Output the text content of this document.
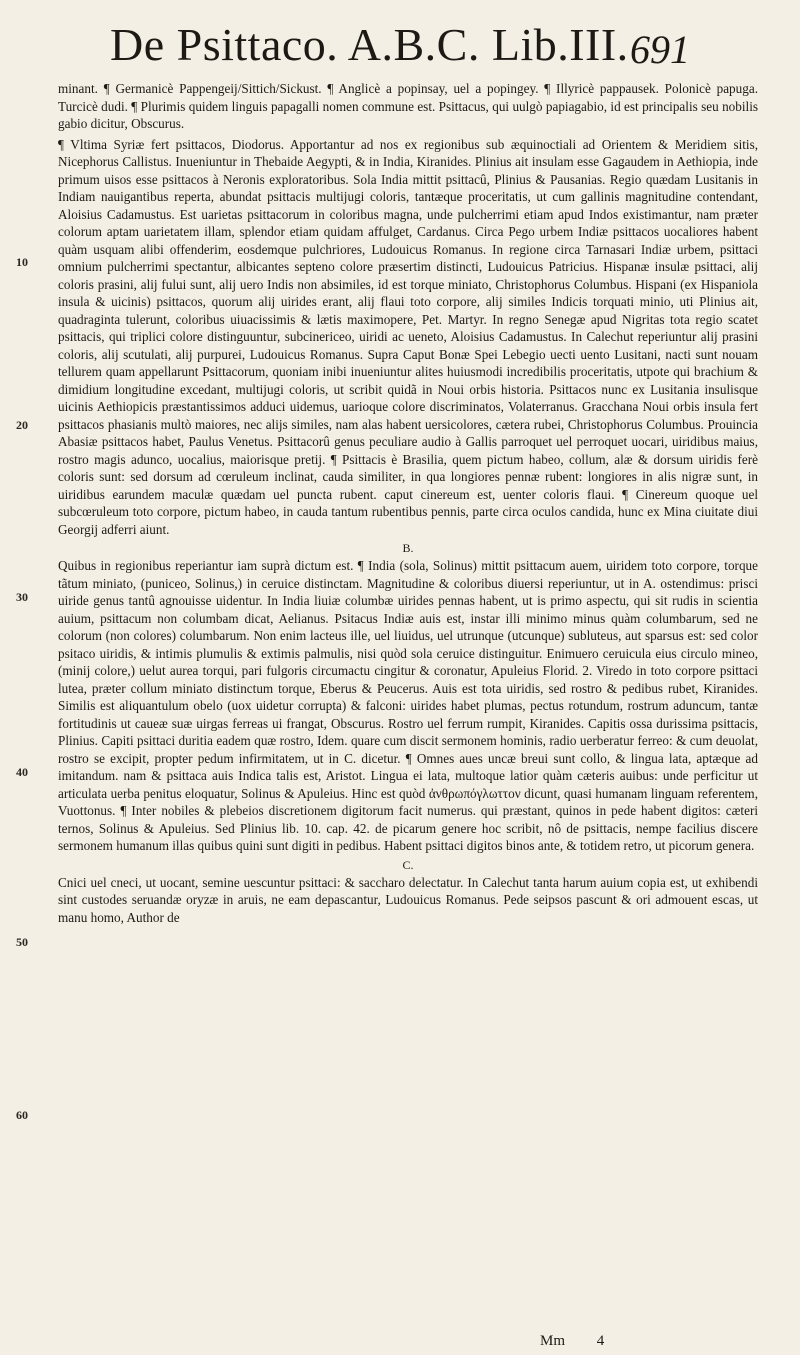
De Psittaco. A.B.C. Lib.III. 691
10
20
30
40
50
60

minant. ¶ Germanicè Pappengeij/Sittich/Sickust. ¶ Anglicè a popinsay, uel a popingey. ¶ Illyricè pappausek. Polonicè papuga. Turcicè dudi. ¶ Plurimis quidem linguis papagalli nomen commune est. Psittacus, qui uulgò papiagabio, id est principalis seu nobilis gabio dicitur, Obscurus.

¶ Vltima Syriæ fert psittacos, Diodorus. Apportantur ad nos ex regionibus sub æquinoctiali ad Orientem & Meridiem sitis, Nicephorus Callistus. Inueniuntur in Thebaide Aegypti, & in India, Kiranides. Plinius ait insulam esse Gagaudem in Aethiopia, inde primum uisos esse psittacos à Neronis exploratoribus. Sola India mittit psittacû, Plinius & Pausanias. Regio quædam Lusitanis in Indiam nauigantibus reperta, abundat psittacis multijugi coloris, tantæque proceritatis, ut cum gallinis magnitudine contendant, Aloisius Cadamustus. Est uarietas psittacorum in coloribus magna, unde pulcherrimi etiam apud Indos existimantur, nam præter colorum aptam uarietatem illam, splendor etiam quidam affulget, Cardanus. Circa Pego urbem Indiæ psittacos uocaliores habent quàm usquam alibi offenderim, eosdemque pulchriores, Ludouicus Romanus. In regione circa Tarnasari Indiæ urbem, psittaci omnium pulcherrimi spectantur, albicantes septeno colore præsertim distincti, Ludouicus Patricius. Hispanæ insulæ psittaci, alij coloris prasini, alij fului sunt, alij uero Indis non absimiles, id est torque miniato, Christophorus Columbus. Hispani (ex Hispaniola insula & uicinis) psittacos, quorum alij uirides erant, alij flaui toto corpore, alij similes Indicis torquati minio, uti Plinius ait, quadraginta tulerunt, coloribus uiuacissimis & lætis maximopere, Pet. Martyr. In regno Senegæ apud Nigritas tota regio scatet psittacis, qui triplici colore distinguuntur, subcinericeo, uiridi ac ueneto, Aloisius Cadamustus. In Calechut reperiuntur alij prasini coloris, alij scutulati, alij purpurei, Ludouicus Romanus. Supra Caput Bonæ Spei Lebegio uecti uento Lusitani, nacti sunt nouam tellurem quam appellarunt Psittacorum, quoniam inibi inueniuntur alites huiusmodi incredibilis proceritatis, utpote qui brachium & dimidium longitudine excedant, multijugi coloris, ut scribit quidã in Noui orbis historia. Psittacos nunc ex Lusitania insulisque uicinis Aethiopicis præstantissimos adduci uidemus, uarioque colore discriminatos, Volaterranus. Gracchana Noui orbis insula fert psittacos phasianis multò maiores, nec alijs similes, nam alas habent uersicolores, cætera rubei, Christophorus Columbus. Prouincia Abasiæ psittacos habet, Paulus Venetus. Psittacorû genus peculiare audio à Gallis parroquet uel perroquet uocari, uiridibus maius, rostro magis adunco, uocalius, maiorisque pretij. ¶ Psittacis è Brasilia, quem pictum habeo, collum, alæ & dorsum uiridis ferè coloris sunt: sed dorsum ad cœruleum inclinat, cauda similiter, in qua longiores pennæ rubent: longiores in alis nigræ sunt, in uiridibus earundem maculæ quædam uel puncta rubent. caput cinereum est, uenter coloris flaui. ¶ Cinereum quoque uel subcœruleum toto corpore, pictum habeo, in cauda tantum rubentibus pennis, parte circa oculos candida, hunc ex Mina ciuitate diui Georgij adferri aiunt.

B.

Quibus in regionibus reperiantur iam suprà dictum est. ¶ India (sola, Solinus) mittit psittacum auem, uiridem toto corpore, torque tãtum miniato, (puniceo, Solinus,) in ceruice distinctam. Magnitudine & coloribus diuersi reperiuntur, ut in A. ostendimus: prisci uiride genus tantû agnouisse uidentur. In India liuiæ columbæ uirides pennas habent, ut is primo aspectu, qui sit rudis in scientia auium, psittacum non columbam dicat, Aelianus. Psitacus Indiæ auis est, instar illi minimo minus quàm columbarum, sed ne colorum (non colores) columbarum. Non enim lacteus ille, uel liuidus, uel utrunque (utcunque) subluteus, aut sparsus est: sed color psitaco uiridis, & intimis plumulis & extimis palmulis, nisi quòd sola ceruice distinguitur. Enimuero ceruicula eius circulo mineo, (minij colore,) uelut aurea torqui, pari fulgoris circumactu cingitur & coronatur, Apuleius Florid. 2. Viredo in toto corpore psittaci lutea, præter collum miniato distinctum torque, Eberus & Peucerus. Auis est tota uiridis, sed rostro & pedibus rubet, Kiranides. Similis est aliquantulum obelo (uox uidetur corrupta) & falconi: uirides habet plumas, pectus rotundum, rostrum aduncum, tantæ fortitudinis ut caueæ suæ uirgas ferreas ui frangat, Obscurus. Rostro uel ferrum rumpit, Kiranides. Capitis ossa durissima psittacis, Plinius. Capiti psittaci duritia eadem quæ rostro, Idem. quare cum discit sermonem hominis, radio uerberatur ferreo: & cum deuolat, rostro se excipit, propter pedum infirmitatem, ut in C. dicetur. ¶ Omnes aues uncæ breui sunt collo, & lingua lata, aptæque ad imitandum. nam & psittaca auis Indica talis est, Aristot. Lingua ei lata, multoque latior quàm cæteris auibus: unde perficitur ut articulata uerba penitus eloquatur, Solinus & Apuleius. Hinc est quòd ἀνθρωπόγλωττον dicunt, quasi humanam linguam referentem, Vuottonus. ¶ Inter nobiles & plebeios discretionem digitorum facit numerus. qui præstant, quinos in pede habent digitos: cæteri ternos, Solinus & Apuleius. Sed Plinius lib. 10. cap. 42. de picarum genere hoc scribit, nô de psittacis, nempe facilius discere sermonem humanum illas quibus quini sunt digiti in pedibus. Habent psittaci digitos binos ante, & totidem retro, ut picorum genera.

C.

Cnici uel cneci, ut uocant, semine uescuntur psittaci: & saccharo delectatur. In Calechut tanta harum auium copia est, ut exhibendi sint custodes seruandæ oryzæ in aruis, ne eam depascantur, Ludouicus Romanus. Pede seipsos pascunt & ori admouent escas, ut manu homo, Author de

Mm 4
